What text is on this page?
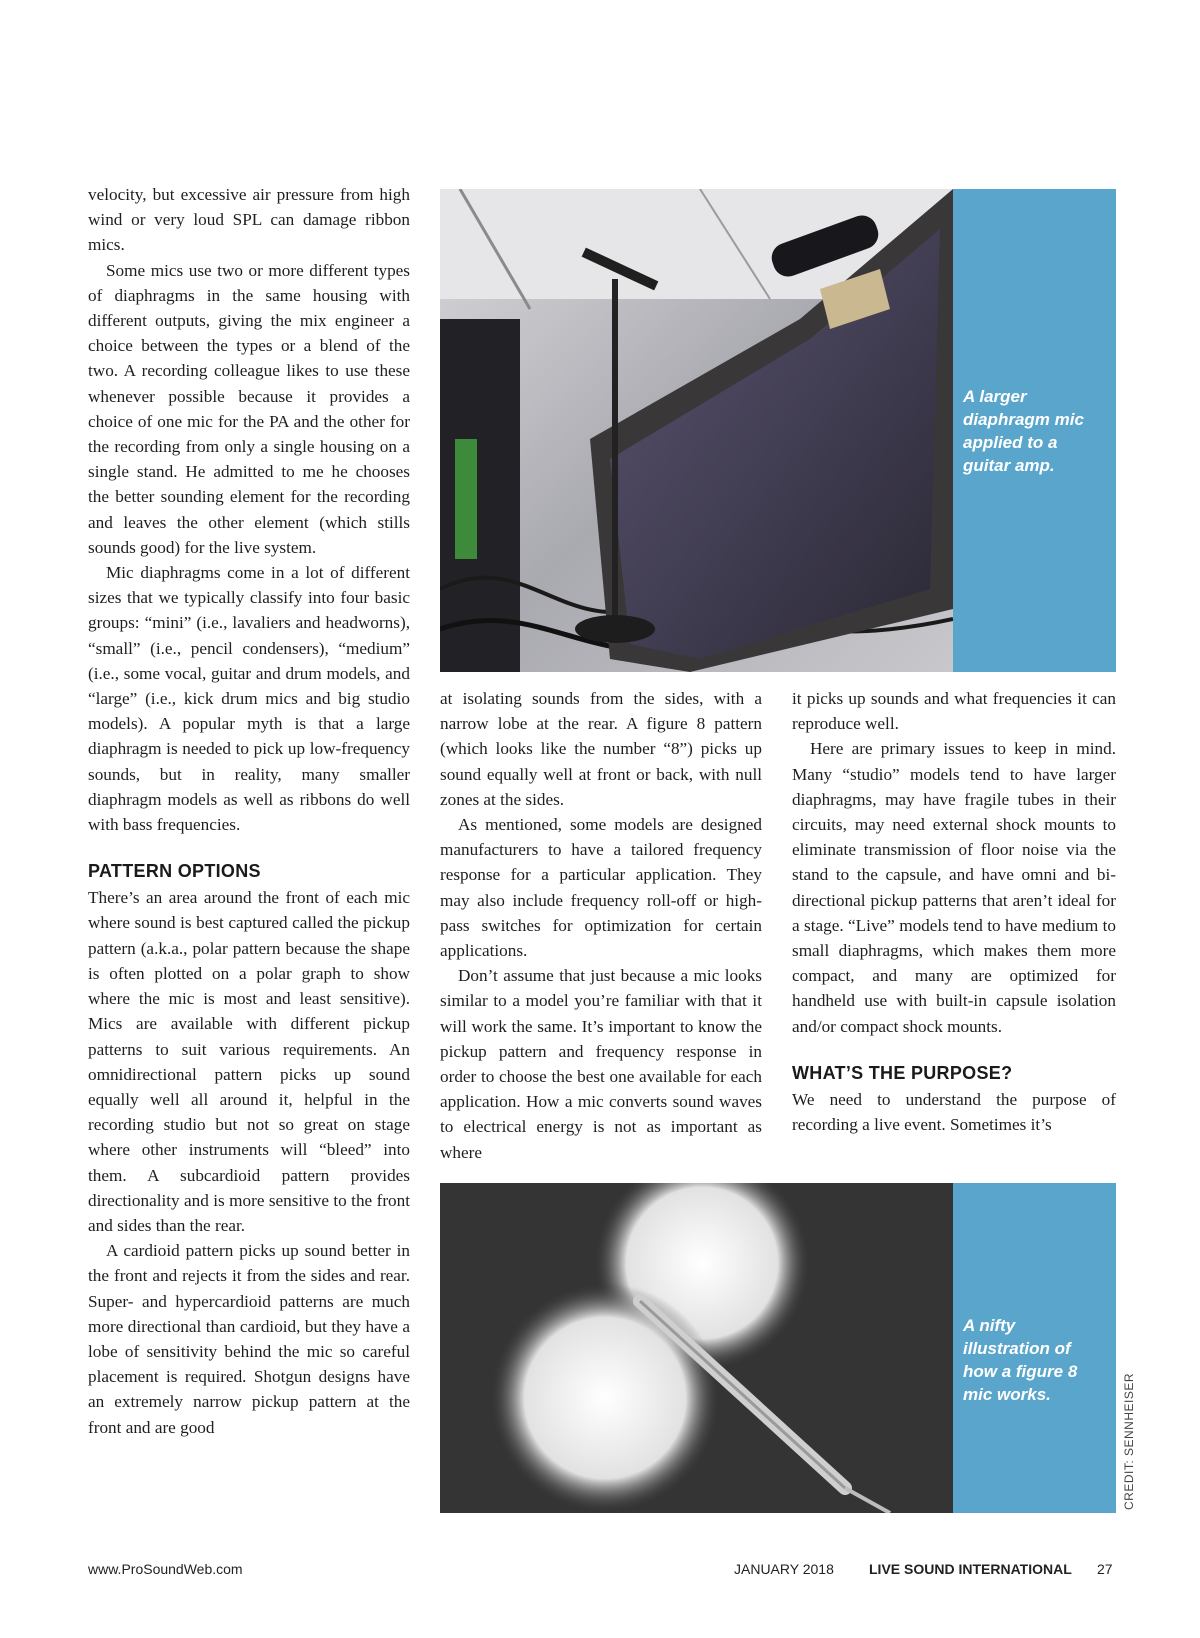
velocity, but excessive air pressure from high wind or very loud SPL can damage ribbon mics.

Some mics use two or more different types of diaphragms in the same housing with different outputs, giving the mix engineer a choice between the types or a blend of the two. A recording colleague likes to use these whenever possible because it provides a choice of one mic for the PA and the other for the recording from only a single housing on a single stand. He admitted to me he chooses the better sounding element for the recording and leaves the other element (which stills sounds good) for the live system.

Mic diaphragms come in a lot of different sizes that we typically classify into four basic groups: “mini” (i.e., lavaliers and headworns), “small” (i.e., pencil condensers), “medium” (i.e., some vocal, guitar and drum models, and “large” (i.e., kick drum mics and big studio models). A popular myth is that a large diaphragm is needed to pick up low-frequency sounds, but in reality, many smaller diaphragm models as well as ribbons do well with bass frequencies.

PATTERN OPTIONS

There’s an area around the front of each mic where sound is best captured called the pickup pattern (a.k.a., polar pattern because the shape is often plotted on a polar graph to show where the mic is most and least sensitive). Mics are available with different pickup patterns to suit various requirements. An omnidirectional pattern picks up sound equally well all around it, helpful in the recording studio but not so great on stage where other instruments will “bleed” into them. A subcardioid pattern provides directionality and is more sensitive to the front and sides than the rear.

A cardioid pattern picks up sound better in the front and rejects it from the sides and rear. Super- and hypercardioid patterns are much more directional than cardioid, but they have a lobe of sensitivity behind the mic so careful placement is required. Shotgun designs have an extremely narrow pickup pattern at the front and are good

A larger diaphragm mic applied to a guitar amp.

at isolating sounds from the sides, with a narrow lobe at the rear. A figure 8 pattern (which looks like the number “8”) picks up sound equally well at front or back, with null zones at the sides.

As mentioned, some models are designed manufacturers to have a tailored frequency response for a particular application. They may also include frequency roll-off or high-pass switches for optimization for certain applications.

Don’t assume that just because a mic looks similar to a model you’re familiar with that it will work the same. It’s important to know the pickup pattern and frequency response in order to choose the best one available for each application. How a mic converts sound waves to electrical energy is not as important as where

it picks up sounds and what frequencies it can reproduce well.

Here are primary issues to keep in mind. Many “studio” models tend to have larger diaphragms, may have fragile tubes in their circuits, may need external shock mounts to eliminate transmission of floor noise via the stand to the capsule, and have omni and bi-directional pickup patterns that aren’t ideal for a stage. “Live” models tend to have medium to small diaphragms, which makes them more compact, and many are optimized for handheld use with built-in capsule isolation and/or compact shock mounts.

WHAT’S THE PURPOSE?

We need to understand the purpose of recording a live event. Sometimes it’s

A nifty illustration of how a figure 8 mic works.	CREDIT: SENNHEISER
www.ProSoundWeb.com	JANUARY 2018	LIVE SOUND INTERNATIONAL 27
